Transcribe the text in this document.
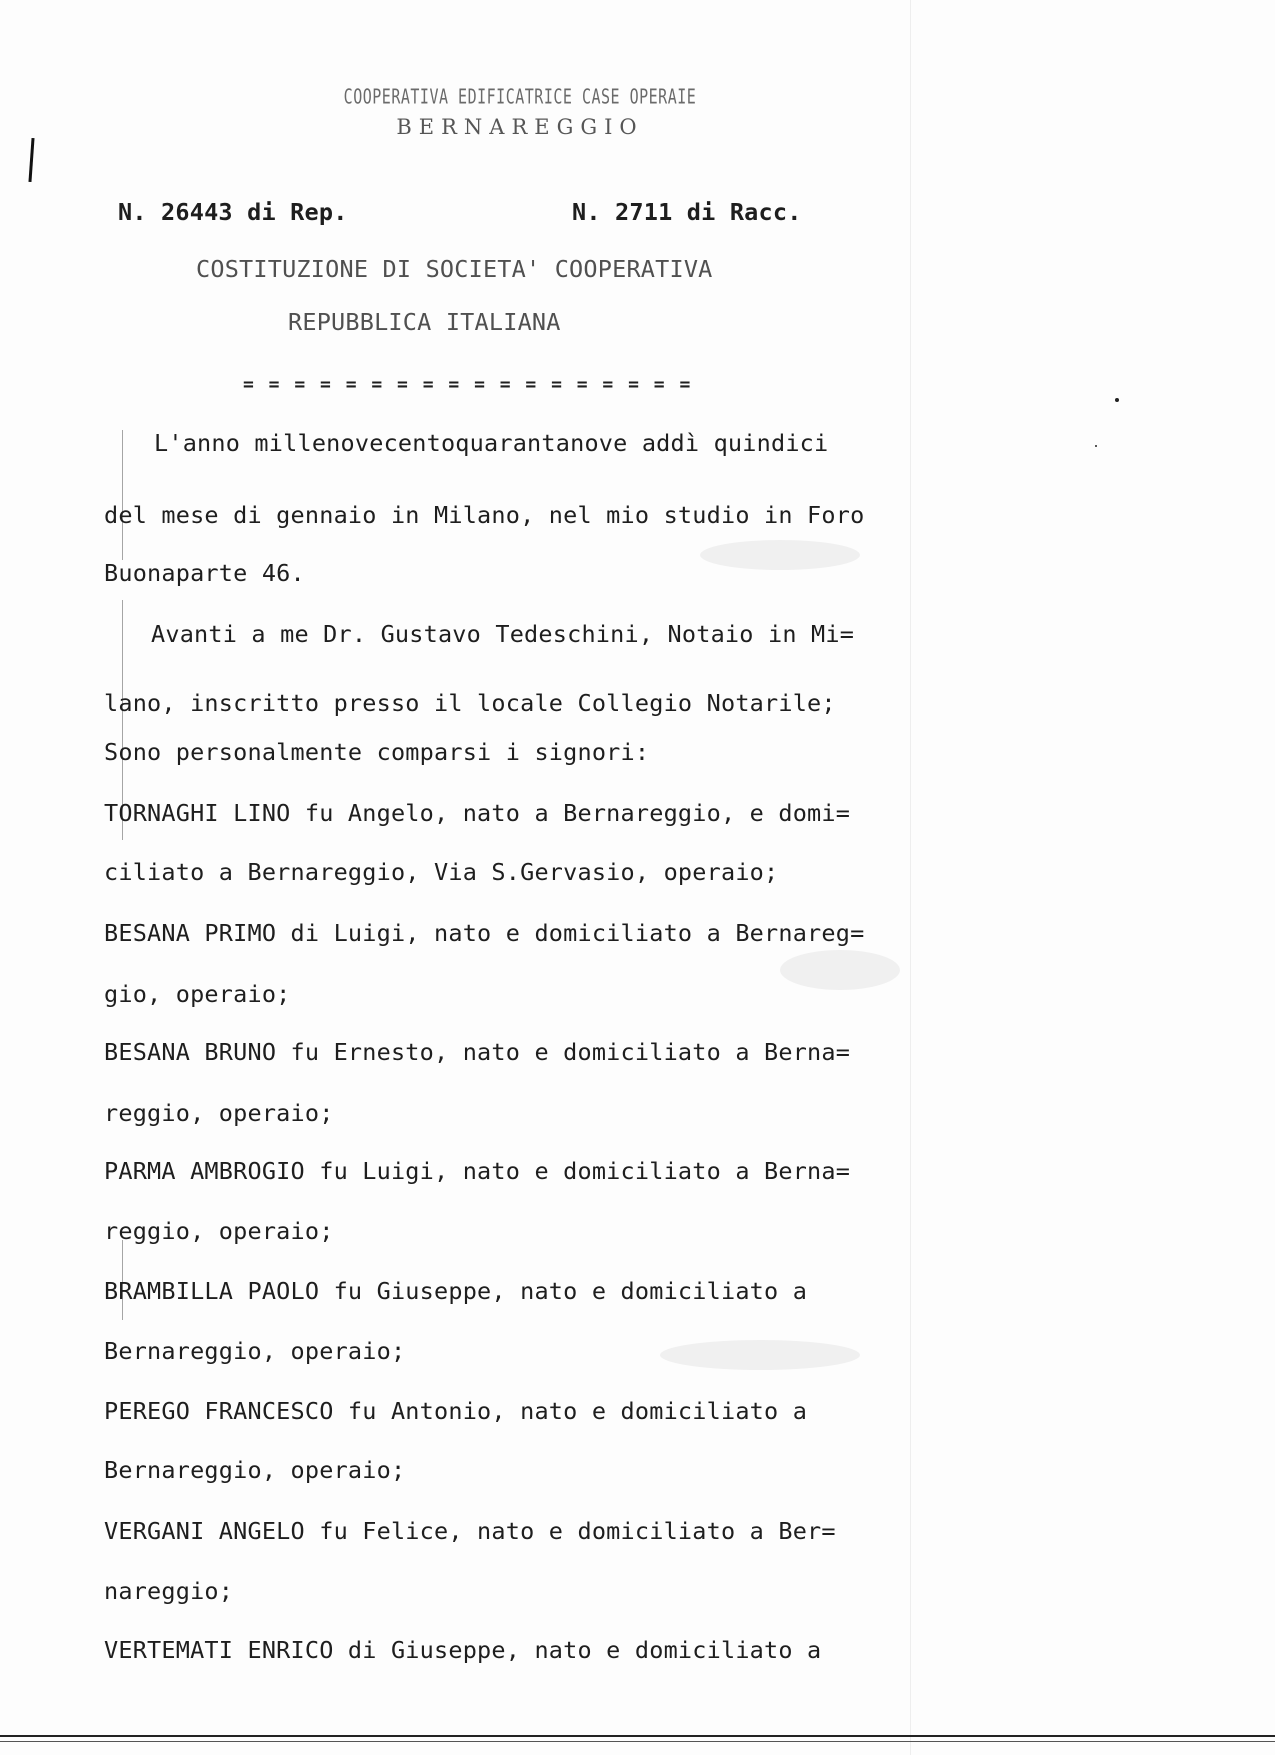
COOPERATIVA EDIFICATRICE CASE OPERAIE
BERNAREGGIO
N. 26443 di Rep.	N. 2711 di Racc.
COSTITUZIONE DI SOCIETA' COOPERATIVA
REPUBBLICA ITALIANA
= = = = = = = = = = = = = = = = = =
L'anno millenovecentoquarantanove addì quindici
del mese di gennaio in Milano, nel mio studio in Foro
Buonaparte 46.
Avanti a me Dr. Gustavo Tedeschini, Notaio in Mi=
lano, inscritto presso il locale Collegio Notarile;
Sono personalmente comparsi i signori:
TORNAGHI LINO fu Angelo, nato a Bernareggio, e domi=
ciliato a Bernareggio, Via S.Gervasio, operaio;
BESANA PRIMO di Luigi, nato e domiciliato a Bernareg=
gio, operaio;
BESANA BRUNO fu Ernesto, nato e domiciliato a Berna=
reggio, operaio;
PARMA AMBROGIO fu Luigi, nato e domiciliato a Berna=
reggio, operaio;
BRAMBILLA PAOLO fu Giuseppe, nato e domiciliato a
Bernareggio, operaio;
PEREGO FRANCESCO fu Antonio, nato e domiciliato a
Bernareggio, operaio;
VERGANI ANGELO fu Felice, nato e domiciliato a Ber=
nareggio;
VERTEMATI ENRICO di Giuseppe, nato e domiciliato a
